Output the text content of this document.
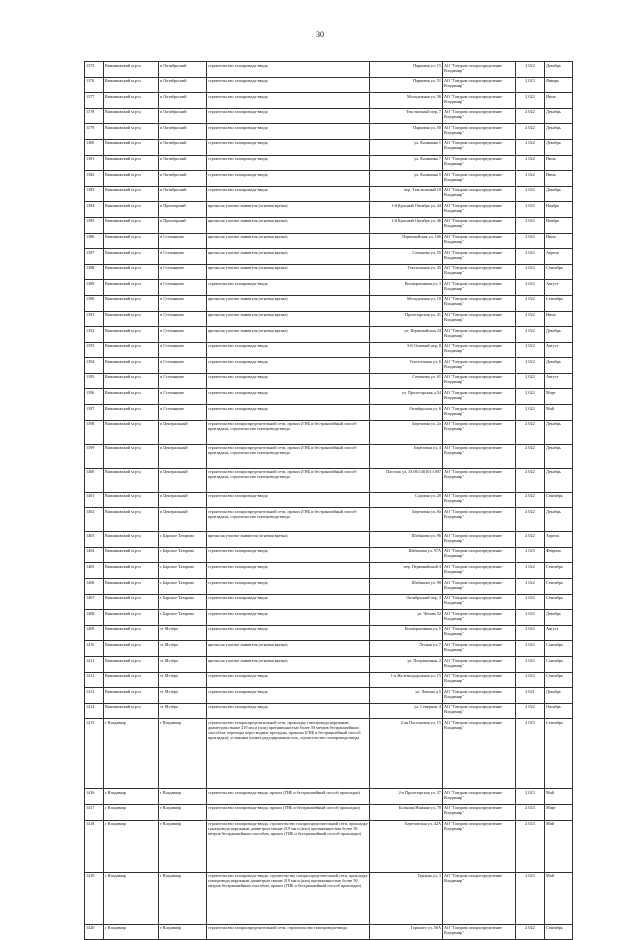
30
1375	Вязниковский м.р-н	п Октябрьский	строительство газопровода-ввода	Парковая ул, 15	АО "Газпром газораспределение Владимир"	2 022	Декабрь
1376	Вязниковский м.р-н	п Октябрьский	строительство газопровода-ввода	Парковая ул, 51	АО "Газпром газораспределение Владимир"	2 023	Январь
1377	Вязниковский м.р-н	п Октябрьский	строительство газопровода-ввода	Молодежная ул, 56	АО "Газпром газораспределение Владимир"	2 022	Июль
1378	Вязниковский м.р-н	п Октябрьский	строительство газопровода-ввода	Текстильный пер, 7	АО "Газпром газораспределение Владимир"	2 022	Декабрь
1379	Вязниковский м.р-н	п Октябрьский	строительство газопровода-ввода	Парковая ул, 50	АО "Газпром газораспределение Владимир"	2 022	Декабрь
1380	Вязниковский м.р-н	п Октябрьский	строительство газопровода-ввода	ул. Калинина 1	АО "Газпром газораспределение Владимир"	2 022	Декабрь
1381	Вязниковский м.р-н	п Октябрьский	строительство газопровода-ввода	ул. Калинина 7	АО "Газпром газораспределение Владимир"	2 022	Июль
1382	Вязниковский м.р-н	п Октябрьский	строительство газопровода-ввода	ул. Калинина 5	АО "Газпром газораспределение Владимир"	2 022	Июль
1383	Вязниковский м.р-н	п Октябрьский	строительство газопровода-ввода	пер. Текстильный 18	АО "Газпром газораспределение Владимир"	2 022	Декабрь
1384	Вязниковский м.р-н	п Приозерный	врезка на участке заявителя (огневая врезка)	1-й Красный Октябрь ул, 44	АО "Газпром газораспределение Владимир"	2 022	Ноябрь
1385	Вязниковский м.р-н	п Приозерный	врезка на участке заявителя (огневая врезка)	1-й Красный Октябрь ул, 46	АО "Газпром газораспределение Владимир"	2 022	Ноябрь
1386	Вязниковский м.р-н	п Степанцево	врезка на участке заявителя (огневая врезка)	Первомайская ул, 166	АО "Газпром газораспределение Владимир"	2 022	Июль
1387	Вязниковский м.р-н	п Степанцево	врезка на участке заявителя (огневая врезка)	Семенова ул, 55	АО "Газпром газораспределение Владимир"	2 022	Апрель
1388	Вязниковский м.р-н	п Степанцево	врезка на участке заявителя (огневая врезка)	Текстильная ул, 45	АО "Газпром газораспределение Владимир"	2 022	Сентябрь
1389	Вязниковский м.р-н	п Степанцево	строительство газопровода-ввода	Кооперативная ул, 3	АО "Газпром газораспределение Владимир"	2 022	Август
1390	Вязниковский м.р-н	п Степанцево	врезка на участке заявителя (огневая врезка)	Молодежная ул, 10	АО "Газпром газораспределение Владимир"	2 022	Сентябрь
1391	Вязниковский м.р-н	п Степанцево	врезка на участке заявителя (огневая врезка)	Пролетарская ул, 41	АО "Газпром газораспределение Владимир"	2 022	Июль
1392	Вязниковский м.р-н	п Степанцево	врезка на участке заявителя (огневая врезка)	ул. Первомайская 24	АО "Газпром газораспределение Владимир"	2 022	Декабрь
1393	Вязниковский м.р-н	п Степанцево	строительство газопровода-ввода	3-й Огневый пер, 8	АО "Газпром газораспределение Владимир"	2 022	Август
1394	Вязниковский м.р-н	п Степанцево	строительство газопровода-ввода	Текстильная ул, 6	АО "Газпром газораспределение Владимир"	2 022	Декабрь
1395	Вязниковский м.р-н	п Степанцево	строительство газопровода-ввода	Семенова ул, 61	АО "Газпром газораспределение Владимир"	2 022	Август
1396	Вязниковский м.р-н	п Степанцево	строительство газопровода-ввода	ул. Пролетарская д.54	АО "Газпром газораспределение Владимир"	2 022	Март
1397	Вязниковский м.р-н	п Степанцево	строительство газопровода-ввода	Октябрьская ул, 6	АО "Газпром газораспределение Владимир"	2 022	Май
1398	Вязниковский м.р-н	п Центральный	строительство газораспределительной сети, прокол (ГНБ и бестраншейный способ прокладки), строительство газопровода-ввода	Березовая ул, 2а	АО "Газпром газораспределение Владимир"	2 022	Декабрь
1399	Вязниковский м.р-н	п Центральный	строительство газораспределительной сети, прокол (ГНБ и бестраншейный способ прокладки), строительство газопровода-ввода	Березовая ул, 4	АО "Газпром газораспределение Владимир"	2 022	Декабрь
1400	Вязниковский м.р-н	п Центральный	строительство газораспределительной сети, прокол (ГНБ и бестраншейный способ прокладки), строительство газопровода-ввода	Поселок ул, 33:06:140101:1007	АО "Газпром газораспределение Владимир"	2 022	Декабрь
1401	Вязниковский м.р-н	п Центральный	строительство газопровода-ввода	Садовая ул, 20	АО "Газпром газораспределение Владимир"	2 022	Сентябрь
1402	Вязниковский м.р-н	п Центральный	строительство газораспределительной сети, прокол (ГНБ и бестраншейный способ прокладки), строительство газопровода-ввода	Березовая ул, 8а	АО "Газпром газораспределение Владимир"	2 022	Декабрь
1403	Вязниковский м.р-н	с Барское Татарово	врезка на участке заявителя (огневая врезка)	Шабанова ул, 96	АО "Газпром газораспределение Владимир"	2 022	Апрель
1404	Вязниковский м.р-н	с Барское Татарово	строительство газопровода-ввода	Шабанова ул, 97А	АО "Газпром газораспределение Владимир"	2 023	Февраль
1405	Вязниковский м.р-н	с Барское Татарово	строительство газопровода-ввода	пер. Первомайский 4	АО "Газпром газораспределение Владимир"	2 022	Сентябрь
1406	Вязниковский м.р-н	с Барское Татарово	строительство газопровода-ввода	Шабанова ул, 90	АО "Газпром газораспределение Владимир"	2 022	Сентябрь
1407	Вязниковский м.р-н	с Барское Татарово	строительство газопровода-ввода	Октябрьский пер, 3	АО "Газпром газораспределение Владимир"	2 022	Сентябрь
1408	Вязниковский м.р-н	с Барское Татарово	строительство газопровода-ввода	ул. Чехова 52	АО "Газпром газораспределение Владимир"	2 022	Декабрь
1409	Вязниковский м.р-н	ст Мстёра	строительство газопровода-ввода	Кооперативная ул, 5	АО "Газпром газораспределение Владимир"	2 022	Август
1410	Вязниковский м.р-н	ст Мстёра	врезка на участке заявителя (огневая врезка)	Лесная ул, 7	АО "Газпром газораспределение Владимир"	2 022	Сентябрь
1411	Вязниковский м.р-н	ст Мстёра	врезка на участке заявителя (огневая врезка)	ул. Пограничная, 2	АО "Газпром газораспределение Владимир"	2 022	Сентябрь
1412	Вязниковский м.р-н	ст Мстёра	строительство газопровода-ввода	1-я Железнодорожная ул, 15	АО "Газпром газораспределение Владимир"	2 022	Сентябрь
1413	Вязниковский м.р-н	ст Мстёра	строительство газопровода-ввода	ул. Ленина д.5	АО "Газпром газораспределение Владимир"	2 021	Декабрь
1414	Вязниковский м.р-н	ст Мстёра	строительство газопровода-ввода	ул. Северная, 4	АО "Газпром газораспределение Владимир"	2 022	Октябрь
1415	г Владимир	г Владимир	строительство газораспределительной сети, прокладку газопровода наружным диаметром свыше 219 мм и (или) протяженностью более 50 метров бестраншейным способом, переходы через водные преграды, проколы (ГНБ и бестраншейный способ прокладки), установка пункта редуцирования газа, строительство газопровода-ввода	2-ая Поселковая ул, 15	АО "Газпром газораспределение Владимир"	2 023	Сентябрь
1416	г Владимир	г Владимир	строительство газопровода-ввода, прокол (ГНБ и бестраншейный способ прокладки)	2-я Пролетарская ул, 37	АО "Газпром газораспределение Владимир"	2 023	Май
1417	г Владимир	г Владимир	строительство газопровода-ввода, прокол (ГНБ и бестраншейный способ прокладки)	Большая Нижняя ул, 78	АО "Газпром газораспределение Владимир"	2 023	Март
1418	г Владимир	г Владимир	строительство газопровода-ввода, строительство газораспределительной сети, прокладку газопровода наружным диаметром свыше 219 мм и (или) протяженностью более 50 метров бестраншейным способом, прокол (ГНБ и бестраншейный способ прокладки)	Березовская ул, 42А	АО "Газпром газораспределение Владимир"	2 023	Май
1419	г Владимир	г Владимир	строительство газопровода-ввода, строительство газораспределительной сети, прокладку газопровода наружным диаметром свыше 219 мм и (или) протяженностью более 50 метров бестраншейным способом, прокол (ГНБ и бестраншейный способ прокладки)	Герцена ул, 3	АО "Газпром газораспределение Владимир"	2 023	Май
1420	г Владимир	г Владимир	строительство газораспределительной сети, строительство газопровода-ввода	Горького ул, 56А	АО "Газпром газораспределение Владимир"	2 022	Сентябрь
